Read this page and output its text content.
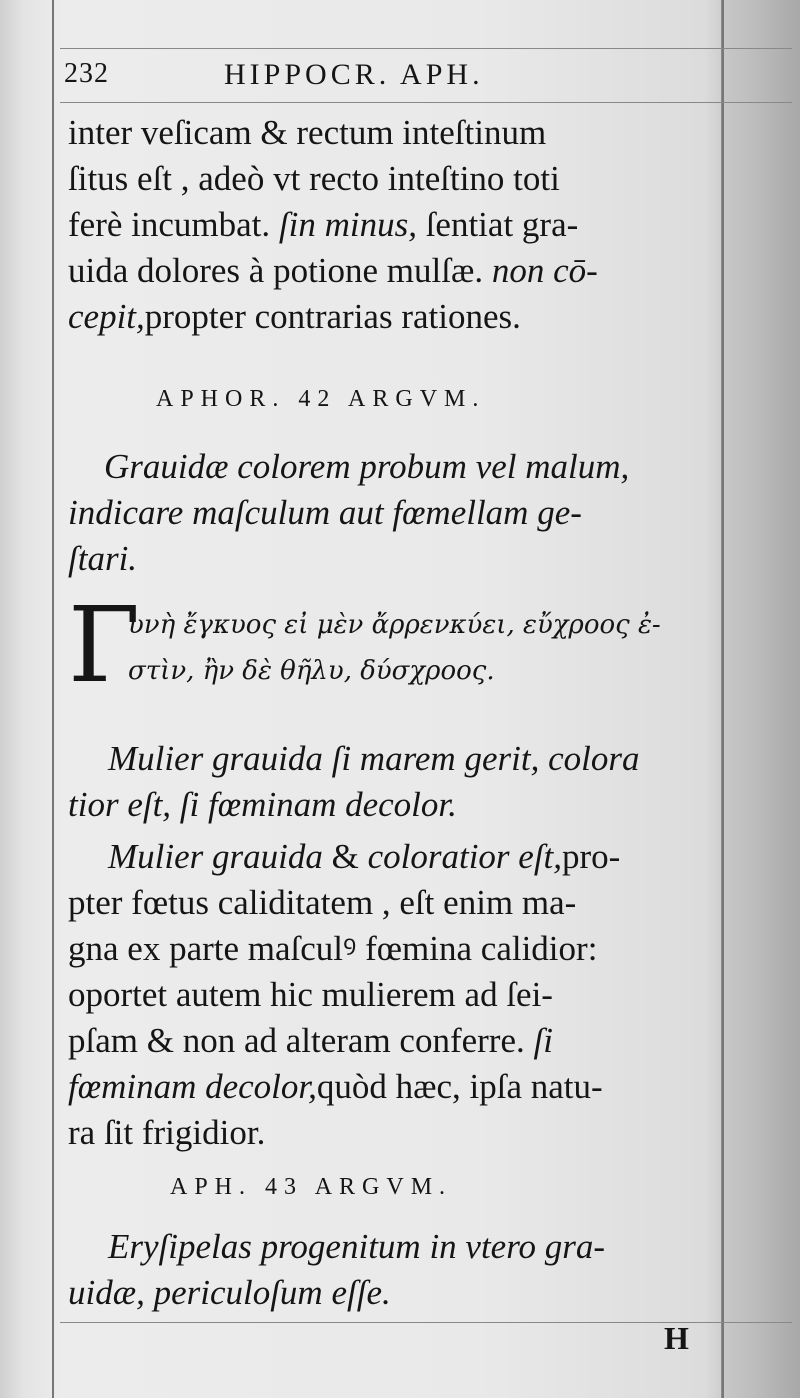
232	HIPPOCR. APH.
inter veſicam & rectum inteſtinum
ſitus eſt , adeò vt recto inteſtino toti
ferè incumbat. ſin minus, ſentiat gra-
uida dolores à potione mulſæ. non cō-
cepit,propter contrarias rationes.
APHOR. 42 ARGVM.
Grauidæ colorem probum vel malum,
indicare maſculum aut fœmellam ge-
ſtari.
Γ
υνὴ ἔγκυος εἰ μὲν ἄρρενκύει, εὔχροος ἐ-
στὶν, ἢν δὲ θῆλυ, δύσχροος.
Mulier grauida ſi marem gerit, colora
tior eſt, ſi fœminam decolor.
Mulier grauida & coloratior eſt,pro-
pter fœtus caliditatem , eſt enim ma-
gna ex parte maſculꝰ fœmina calidior:
oportet autem hic mulierem ad ſei-
pſam & non ad alteram conferre. ſi
fœminam decolor,quòd hæc, ipſa natu-
ra ſit frigidior.
APH. 43 ARGVM.
Eryſipelas progenitum in vtero gra-
uidæ, periculoſum eſſe.
H
